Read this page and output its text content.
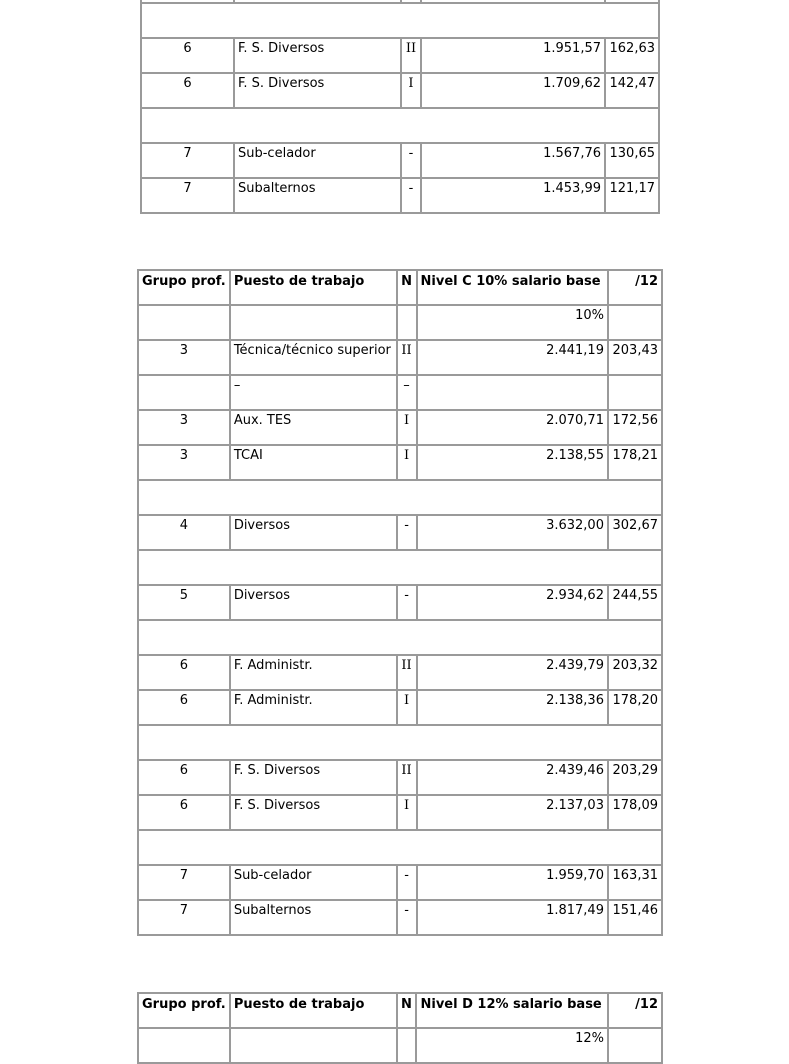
6	F. S. Diversos	II	1.951,57	162,63
6	F. S. Diversos	I	1.709,62	142,47

7	Sub-celador	-	1.567,76	130,65
7	Subalternos	-	1.453,99	121,17
Grupo prof.	Puesto de trabajo	N	Nivel C 10% salario base	/12
			10%	
3	Técnica/técnico superior	II	2.441,19	203,43
	–	–		
3	Aux. TES	I	2.070,71	172,56
3	TCAI	I	2.138,55	178,21

4	Diversos	-	3.632,00	302,67

5	Diversos	-	2.934,62	244,55

6	F. Administr.	II	2.439,79	203,32
6	F. Administr.	I	2.138,36	178,20

6	F. S. Diversos	II	2.439,46	203,29
6	F. S. Diversos	I	2.137,03	178,09

7	Sub-celador	-	1.959,70	163,31
7	Subalternos	-	1.817,49	151,46
Grupo prof.	Puesto de trabajo	N	Nivel D 12% salario base	/12
			12%	
